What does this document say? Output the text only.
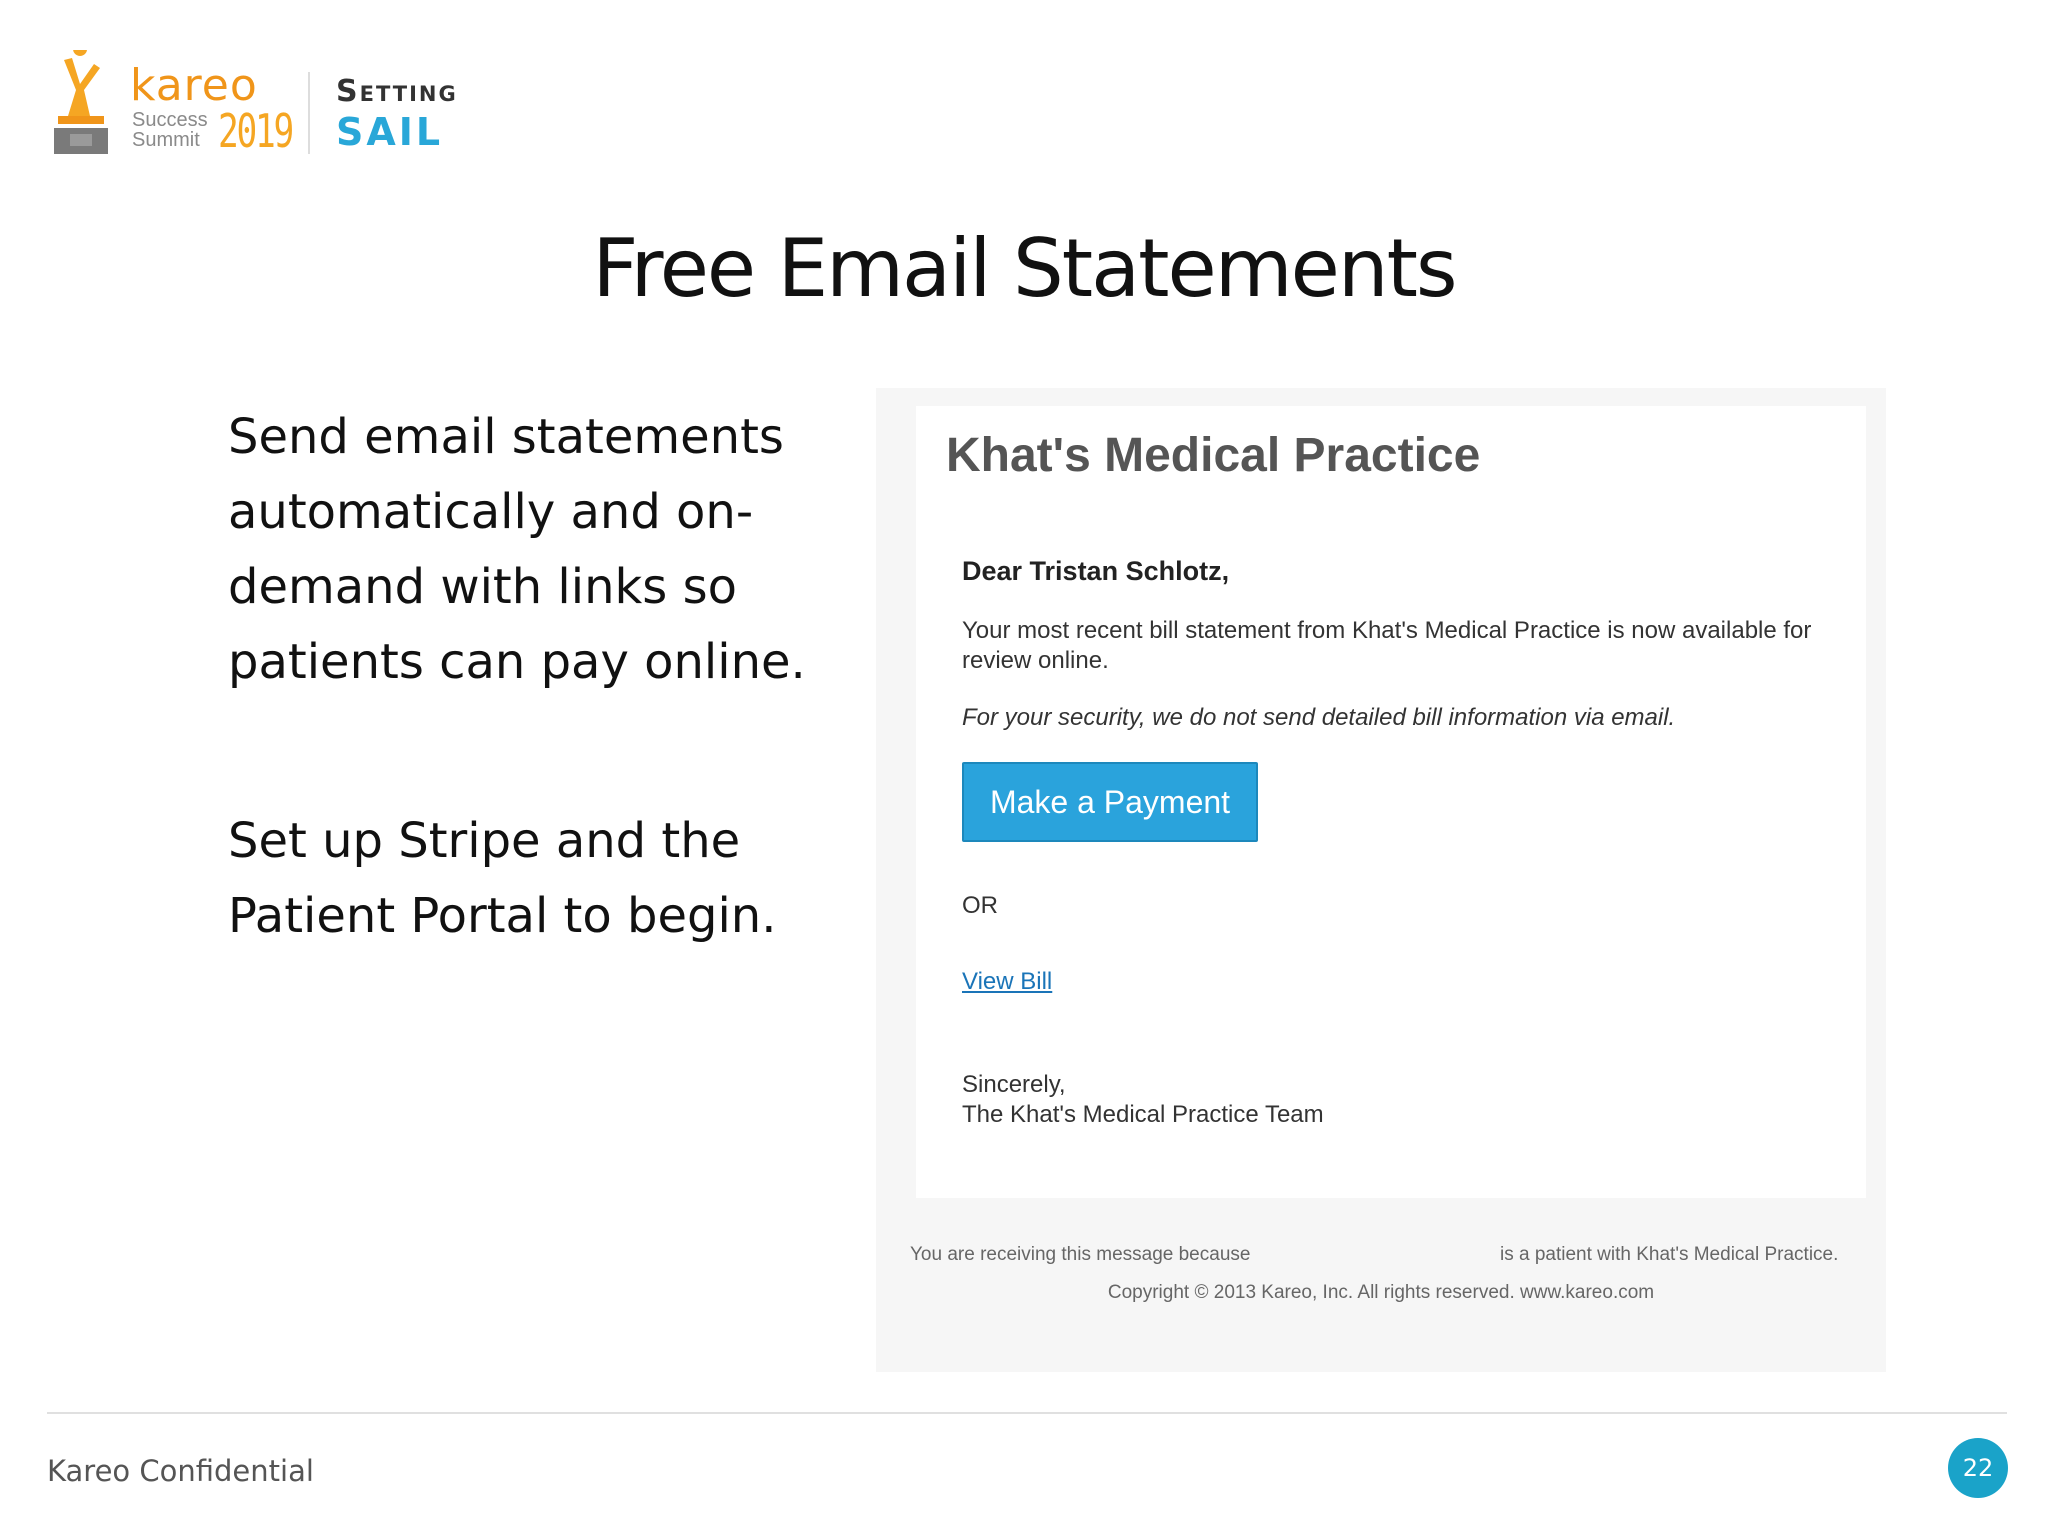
kareo
Success
Summit 2019
Setting
SAIL
Free Email Statements
Send email statements automatically and on-demand with links so patients can pay online.
Set up Stripe and the Patient Portal to begin.
Khat's Medical Practice
Dear Tristan Schlotz,
Your most recent bill statement from Khat's Medical Practice is now available for review online.
For your security, we do not send detailed bill information via email.
Make a Payment
OR
View Bill
Sincerely,
The Khat's Medical Practice Team
You are receiving this message because	is a patient with Khat's Medical Practice.
Copyright © 2013 Kareo, Inc. All rights reserved. www.kareo.com
Kareo Confidential	22
